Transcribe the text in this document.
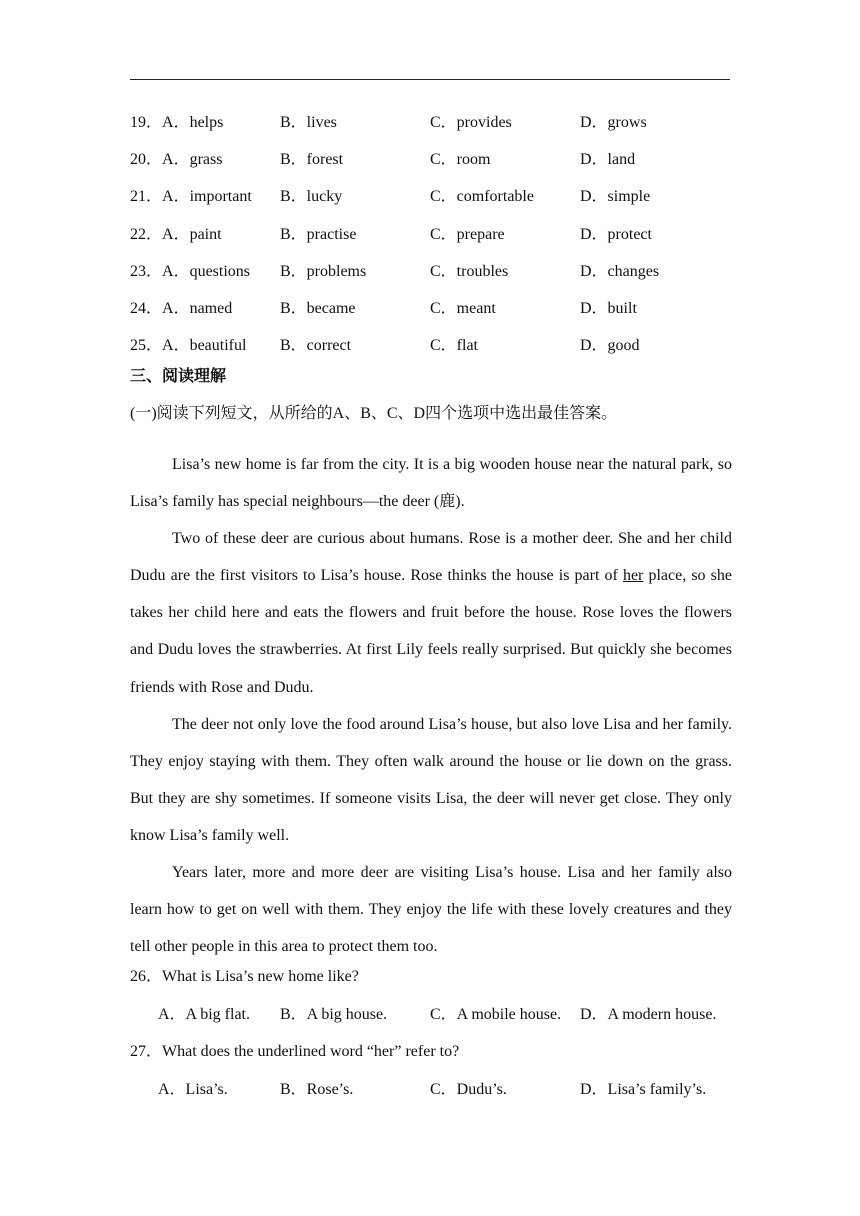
19．A．helps	B．lives	C．provides	D．grows
20．A．grass	B．forest	C．room	D．land
21．A．important B．lucky	C．comfortable	D．simple
22．A．paint	B．practise	C．prepare	D．protect
23．A．questions B．problems	C．troubles	D．changes
24．A．named	B．became	C．meant	D．built
25．A．beautiful B．correct	C．flat	D．good
三、阅读理解
(一)阅读下列短文，从所给的A、B、C、D四个选项中选出最佳答案。

Lisa’s new home is far from the city. It is a big wooden house near the natural park, so Lisa’s family has special neighbours—the deer (鹿).

Two of these deer are curious about humans. Rose is a mother deer. She and her child Dudu are the first visitors to Lisa’s house. Rose thinks the house is part of her place, so she takes her child here and eats the flowers and fruit before the house. Rose loves the flowers and Dudu loves the strawberries. At first Lily feels really surprised. But quickly she becomes friends with Rose and Dudu.

The deer not only love the food around Lisa’s house, but also love Lisa and her family. They enjoy staying with them. They often walk around the house or lie down on the grass. But they are shy sometimes. If someone visits Lisa, the deer will never get close. They only know Lisa’s family well.

Years later, more and more deer are visiting Lisa’s house. Lisa and her family also learn how to get on well with them. They enjoy the life with these lovely creatures and they tell other people in this area to protect them too.

26．What is Lisa’s new home like?
A．A big flat. B．A big house.	C．A mobile house. D．A modern house.
27．What does the underlined word “her” refer to?
A．Lisa’s.	B．Rose’s.	C．Dudu’s.	D．Lisa’s family’s.
